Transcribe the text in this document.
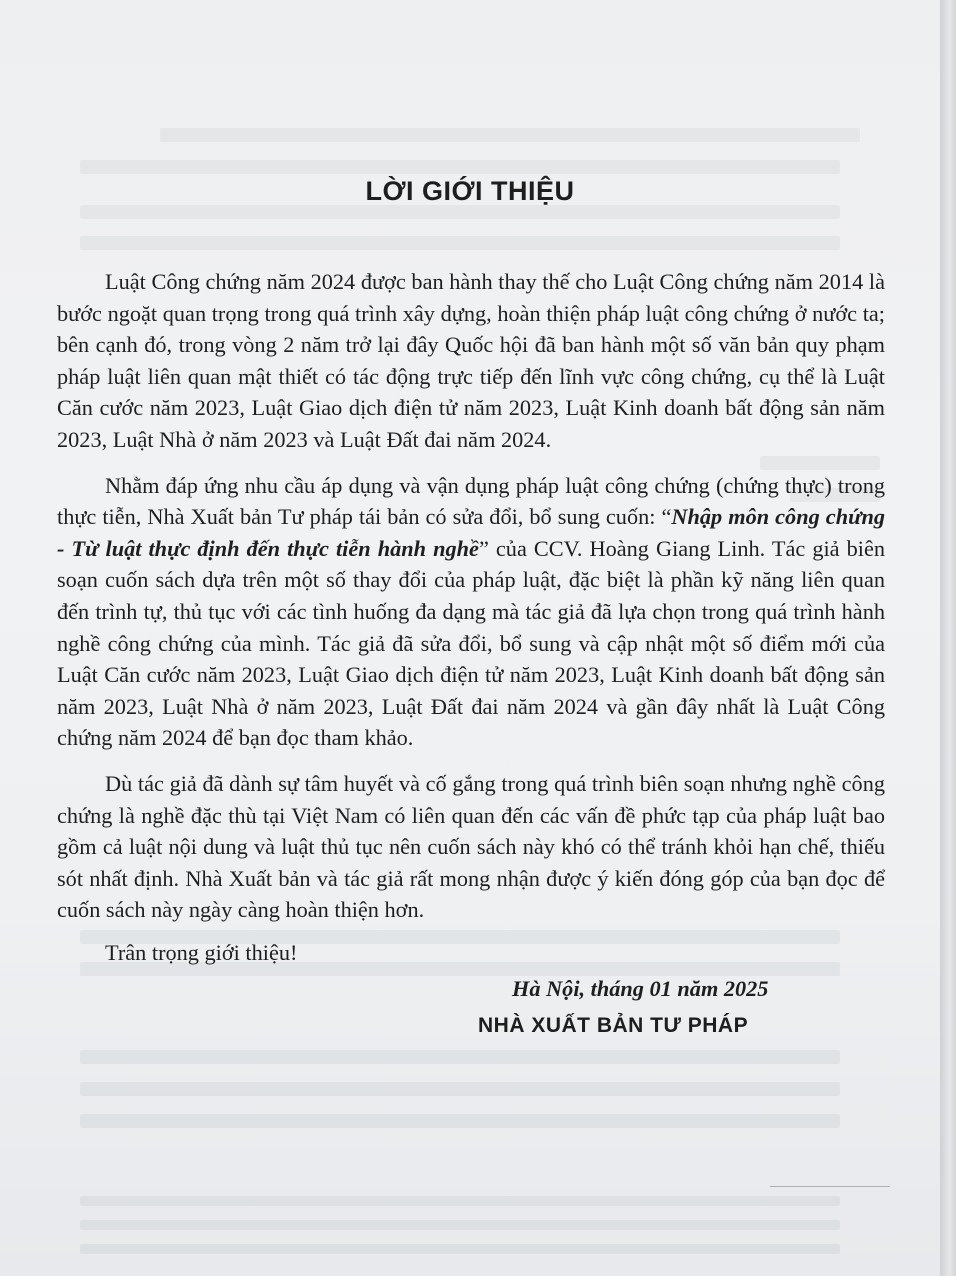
LỜI GIỚI THIỆU

Luật Công chứng năm 2024 được ban hành thay thế cho Luật Công chứng năm 2014 là bước ngoặt quan trọng trong quá trình xây dựng, hoàn thiện pháp luật công chứng ở nước ta; bên cạnh đó, trong vòng 2 năm trở lại đây Quốc hội đã ban hành một số văn bản quy phạm pháp luật liên quan mật thiết có tác động trực tiếp đến lĩnh vực công chứng, cụ thể là Luật Căn cước năm 2023, Luật Giao dịch điện tử năm 2023, Luật Kinh doanh bất động sản năm 2023, Luật Nhà ở năm 2023 và Luật Đất đai năm 2024.

Nhằm đáp ứng nhu cầu áp dụng và vận dụng pháp luật công chứng (chứng thực) trong thực tiễn, Nhà Xuất bản Tư pháp tái bản có sửa đổi, bổ sung cuốn: “Nhập môn công chứng - Từ luật thực định đến thực tiễn hành nghề” của CCV. Hoàng Giang Linh. Tác giả biên soạn cuốn sách dựa trên một số thay đổi của pháp luật, đặc biệt là phần kỹ năng liên quan đến trình tự, thủ tục với các tình huống đa dạng mà tác giả đã lựa chọn trong quá trình hành nghề công chứng của mình. Tác giả đã sửa đổi, bổ sung và cập nhật một số điểm mới của Luật Căn cước năm 2023, Luật Giao dịch điện tử năm 2023, Luật Kinh doanh bất động sản năm 2023, Luật Nhà ở năm 2023, Luật Đất đai năm 2024 và gần đây nhất là Luật Công chứng năm 2024 để bạn đọc tham khảo.

Dù tác giả đã dành sự tâm huyết và cố gắng trong quá trình biên soạn nhưng nghề công chứng là nghề đặc thù tại Việt Nam có liên quan đến các vấn đề phức tạp của pháp luật bao gồm cả luật nội dung và luật thủ tục nên cuốn sách này khó có thể tránh khỏi hạn chế, thiếu sót nhất định. Nhà Xuất bản và tác giả rất mong nhận được ý kiến đóng góp của bạn đọc để cuốn sách này ngày càng hoàn thiện hơn.

Trân trọng giới thiệu!
Hà Nội, tháng 01 năm 2025
NHÀ XUẤT BẢN TƯ PHÁP
